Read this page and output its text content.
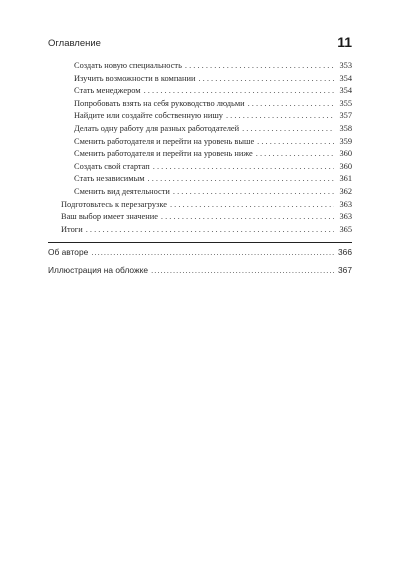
Оглавление	11
Создать новую специальность . . .	353
Изучить возможности в компании . . .	354
Стать менеджером . . .	354
Попробовать взять на себя руководство людьми . . .	355
Найдите или создайте собственную нишу . . .	357
Делать одну работу для разных работодателей . . .	358
Сменить работодателя и перейти на уровень выше . . .	359
Сменить работодателя и перейти на уровень ниже . . .	360
Создать свой стартап . . .	360
Стать независимым . . .	361
Сменить вид деятельности . . .	362
Подготовьтесь к перезагрузке . . .	363
Ваш выбор имеет значение . . .	363
Итоги . . .	365
Об авторе .....	366
Иллюстрация на обложке .....	367
